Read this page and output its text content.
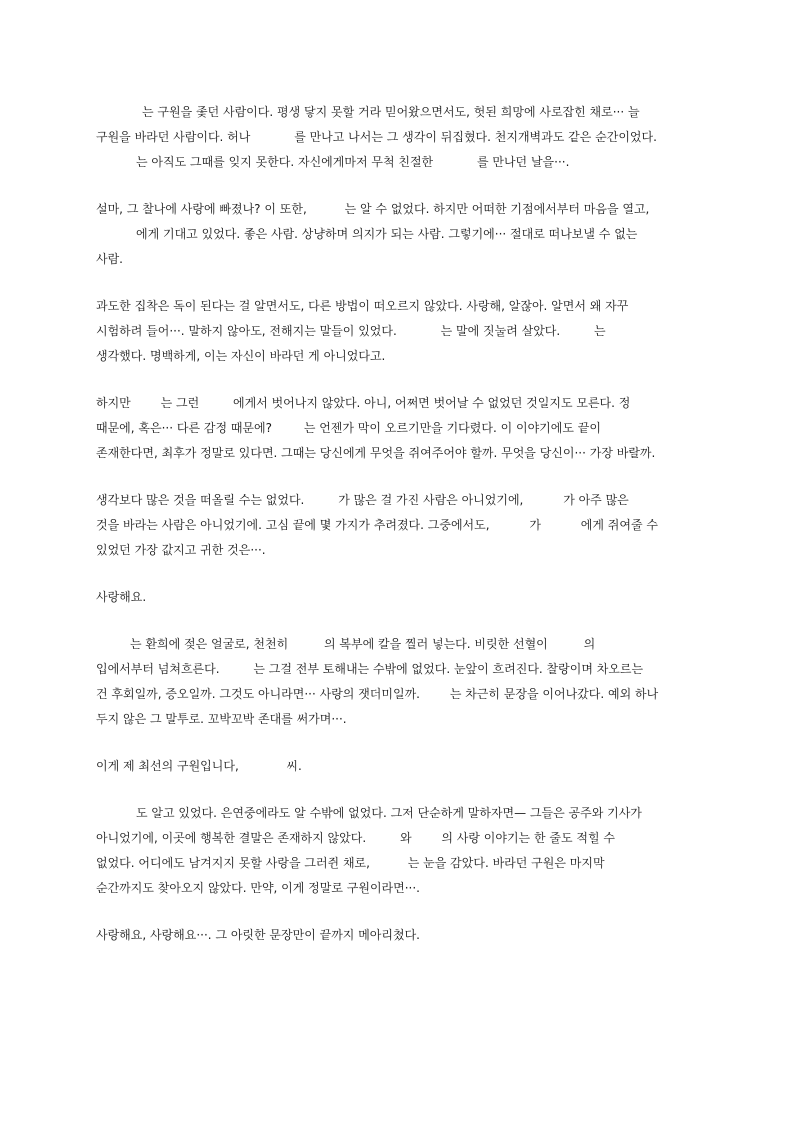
는 구원을 좇던 사람이다. 평생 닿지 못할 거라 믿어왔으면서도, 헛된 희망에 사로잡힌 채로··· 늘
구원을 바라던 사람이다. 허나	를 만나고 나서는 그 생각이 뒤집혔다. 천지개벽과도 같은 순간이었다.
는 아직도 그때를 잊지 못한다. 자신에게마저 무척 친절한	를 만나던 날을···.

설마, 그 찰나에 사랑에 빠졌나? 이 또한,	는 알 수 없었다. 하지만 어떠한 기점에서부터 마음을 열고,
에게 기대고 있었다. 좋은 사람. 상냥하며 의지가 되는 사람. 그렇기에··· 절대로 떠나보낼 수 없는
사람.

과도한 집착은 독이 된다는 걸 알면서도, 다른 방법이 떠오르지 않았다. 사랑해, 알잖아. 알면서 왜 자꾸
시험하려 들어···. 말하지 않아도, 전해지는 말들이 있었다.	는 말에 짓눌려 살았다.	는
생각했다. 명백하게, 이는 자신이 바라던 게 아니었다고.

하지만 는 그런	에게서 벗어나지 않았다. 아니, 어쩌면 벗어날 수 없었던 것일지도 모른다. 정
때문에, 혹은··· 다른 감정 때문에? 는 언젠가 막이 오르기만을 기다렸다. 이 이야기에도 끝이
존재한다면, 최후가 정말로 있다면. 그때는 당신에게 무엇을 쥐여주어야 할까. 무엇을 당신이··· 가장 바랄까.

생각보다 많은 것을 떠올릴 수는 없었다.	가 많은 걸 가진 사람은 아니었기에,	가 아주 많은
것을 바라는 사람은 아니었기에. 고심 끝에 몇 가지가 추려졌다. 그중에서도,	가	에게 쥐여줄 수
있었던 가장 값지고 귀한 것은···.

사랑해요.

는 환희에 젖은 얼굴로, 천천히	의 복부에 칼을 찔러 넣는다. 비릿한 선혈이	의
입에서부터 넘쳐흐른다.	는 그걸 전부 토해내는 수밖에 없었다. 눈앞이 흐려진다. 찰랑이며 차오르는
건 후회일까, 증오일까. 그것도 아니라면··· 사랑의 잿더미일까. 는 차근히 문장을 이어나갔다. 예외 하나
두지 않은 그 말투로. 꼬박꼬박 존대를 써가며···.

이게 제 최선의 구원입니다,	씨.

도 알고 있었다. 은연중에라도 알 수밖에 없었다. 그저 단순하게 말하자면— 그들은 공주와 기사가
아니었기에, 이곳에 행복한 결말은 존재하지 않았다.	와 의 사랑 이야기는 한 줄도 적힐 수
없었다. 어디에도 남겨지지 못할 사랑을 그러쥔 채로,	는 눈을 감았다. 바라던 구원은 마지막
순간까지도 찾아오지 않았다. 만약, 이게 정말로 구원이라면···.

사랑해요, 사랑해요···. 그 아릿한 문장만이 끝까지 메아리쳤다.
